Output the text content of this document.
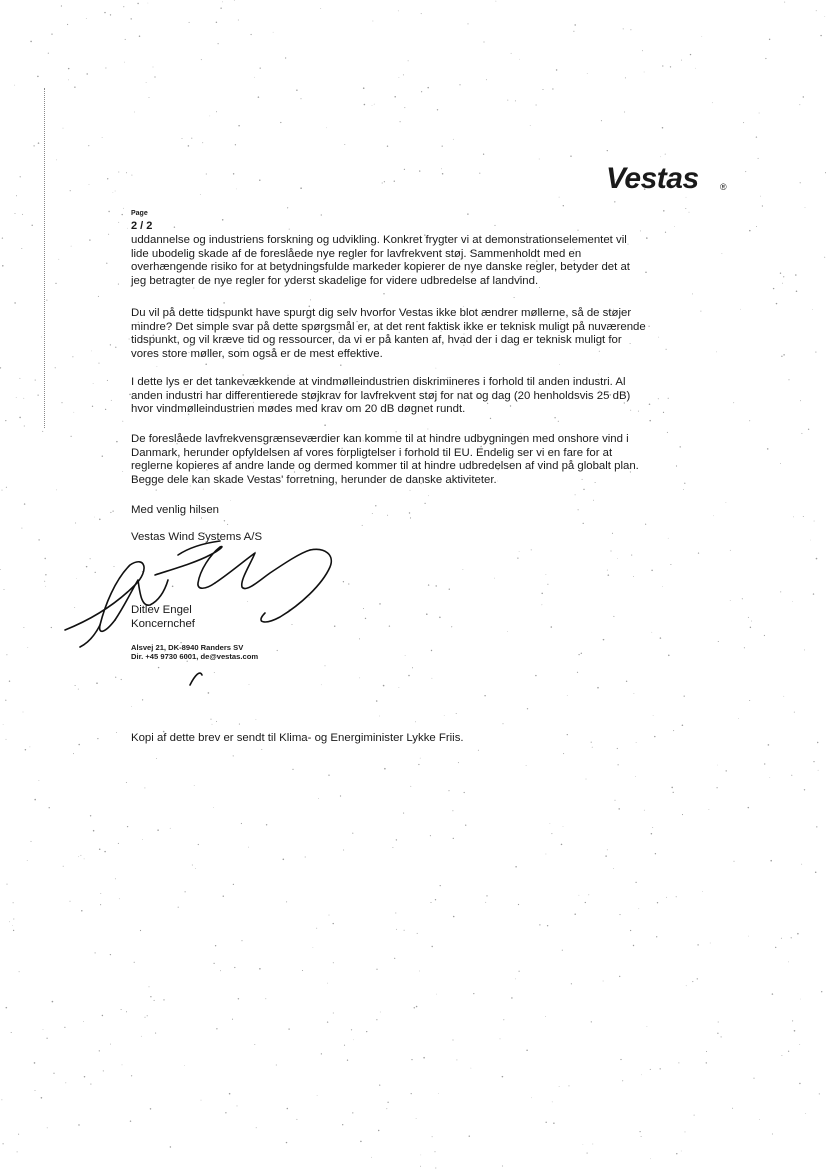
Vestas ®
Page
2 / 2
uddannelse og industriens forskning og udvikling. Konkret frygter vi at demonstrationselementet vil
lide ubodelig skade af de foreslåede nye regler for lavfrekvent støj. Sammenholdt med en
overhængende risiko for at betydningsfulde markeder kopierer de nye danske regler, betyder det at
jeg betragter de nye regler for yderst skadelige for videre udbredelse af landvind.
Du vil på dette tidspunkt have spurgt dig selv hvorfor Vestas ikke blot ændrer møllerne, så de støjer
mindre? Det simple svar på dette spørgsmål er, at det rent faktisk ikke er teknisk muligt på nuværende
tidspunkt, og vil kræve tid og ressourcer, da vi er på kanten af, hvad der i dag er teknisk muligt for
vores store møller, som også er de mest effektive.
I dette lys er det tankevækkende at vindmølleindustrien diskrimineres i forhold til anden industri. Al
anden industri har differentierede støjkrav for lavfrekvent støj for nat og dag (20 henholdsvis 25 dB)
hvor vindmølleindustrien mødes med krav om 20 dB døgnet rundt.
De foreslåede lavfrekvensgrænseværdier kan komme til at hindre udbygningen med onshore vind i
Danmark, herunder opfyldelsen af vores forpligtelser i forhold til EU. Endelig ser vi en fare for at
reglerne kopieres af andre lande og dermed kommer til at hindre udbredelsen af vind på globalt plan.
Begge dele kan skade Vestas' forretning, herunder de danske aktiviteter.
Med venlig hilsen
Vestas Wind Systems A/S
Ditlev Engel
Koncernchef
Alsvej 21, DK-8940 Randers SV
Dir. +45 9730 6001, de@vestas.com
Kopi af dette brev er sendt til Klima- og Energiminister Lykke Friis.
